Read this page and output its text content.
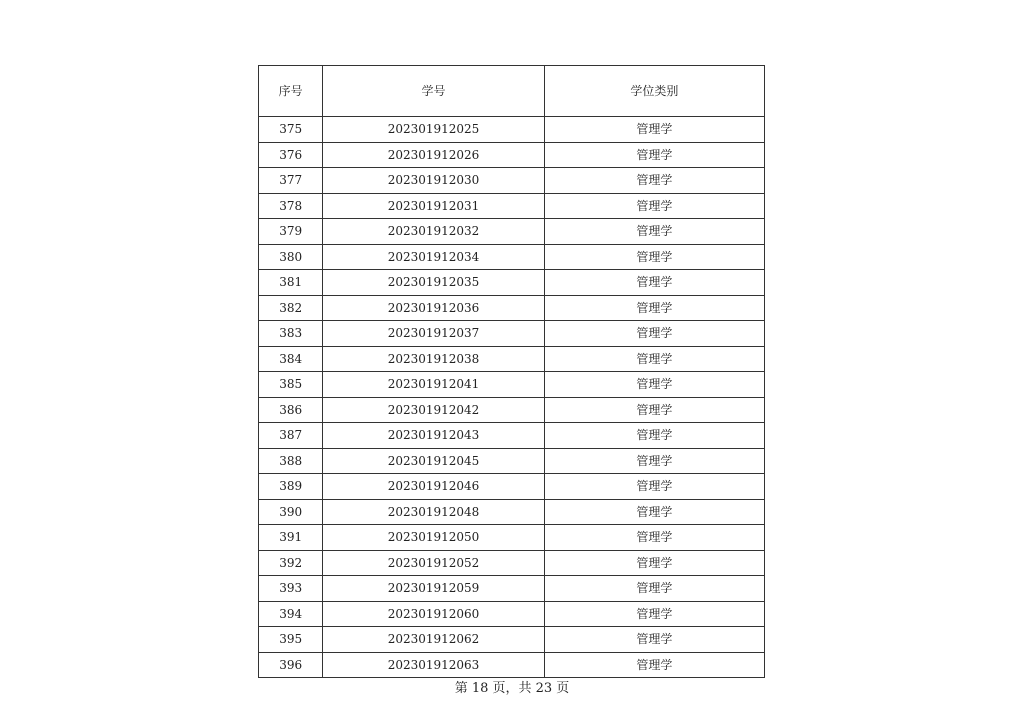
序号	学号	学位类别
375	202301912025	管理学
376	202301912026	管理学
377	202301912030	管理学
378	202301912031	管理学
379	202301912032	管理学
380	202301912034	管理学
381	202301912035	管理学
382	202301912036	管理学
383	202301912037	管理学
384	202301912038	管理学
385	202301912041	管理学
386	202301912042	管理学
387	202301912043	管理学
388	202301912045	管理学
389	202301912046	管理学
390	202301912048	管理学
391	202301912050	管理学
392	202301912052	管理学
393	202301912059	管理学
394	202301912060	管理学
395	202301912062	管理学
396	202301912063	管理学
第 18 页，共 23 页
